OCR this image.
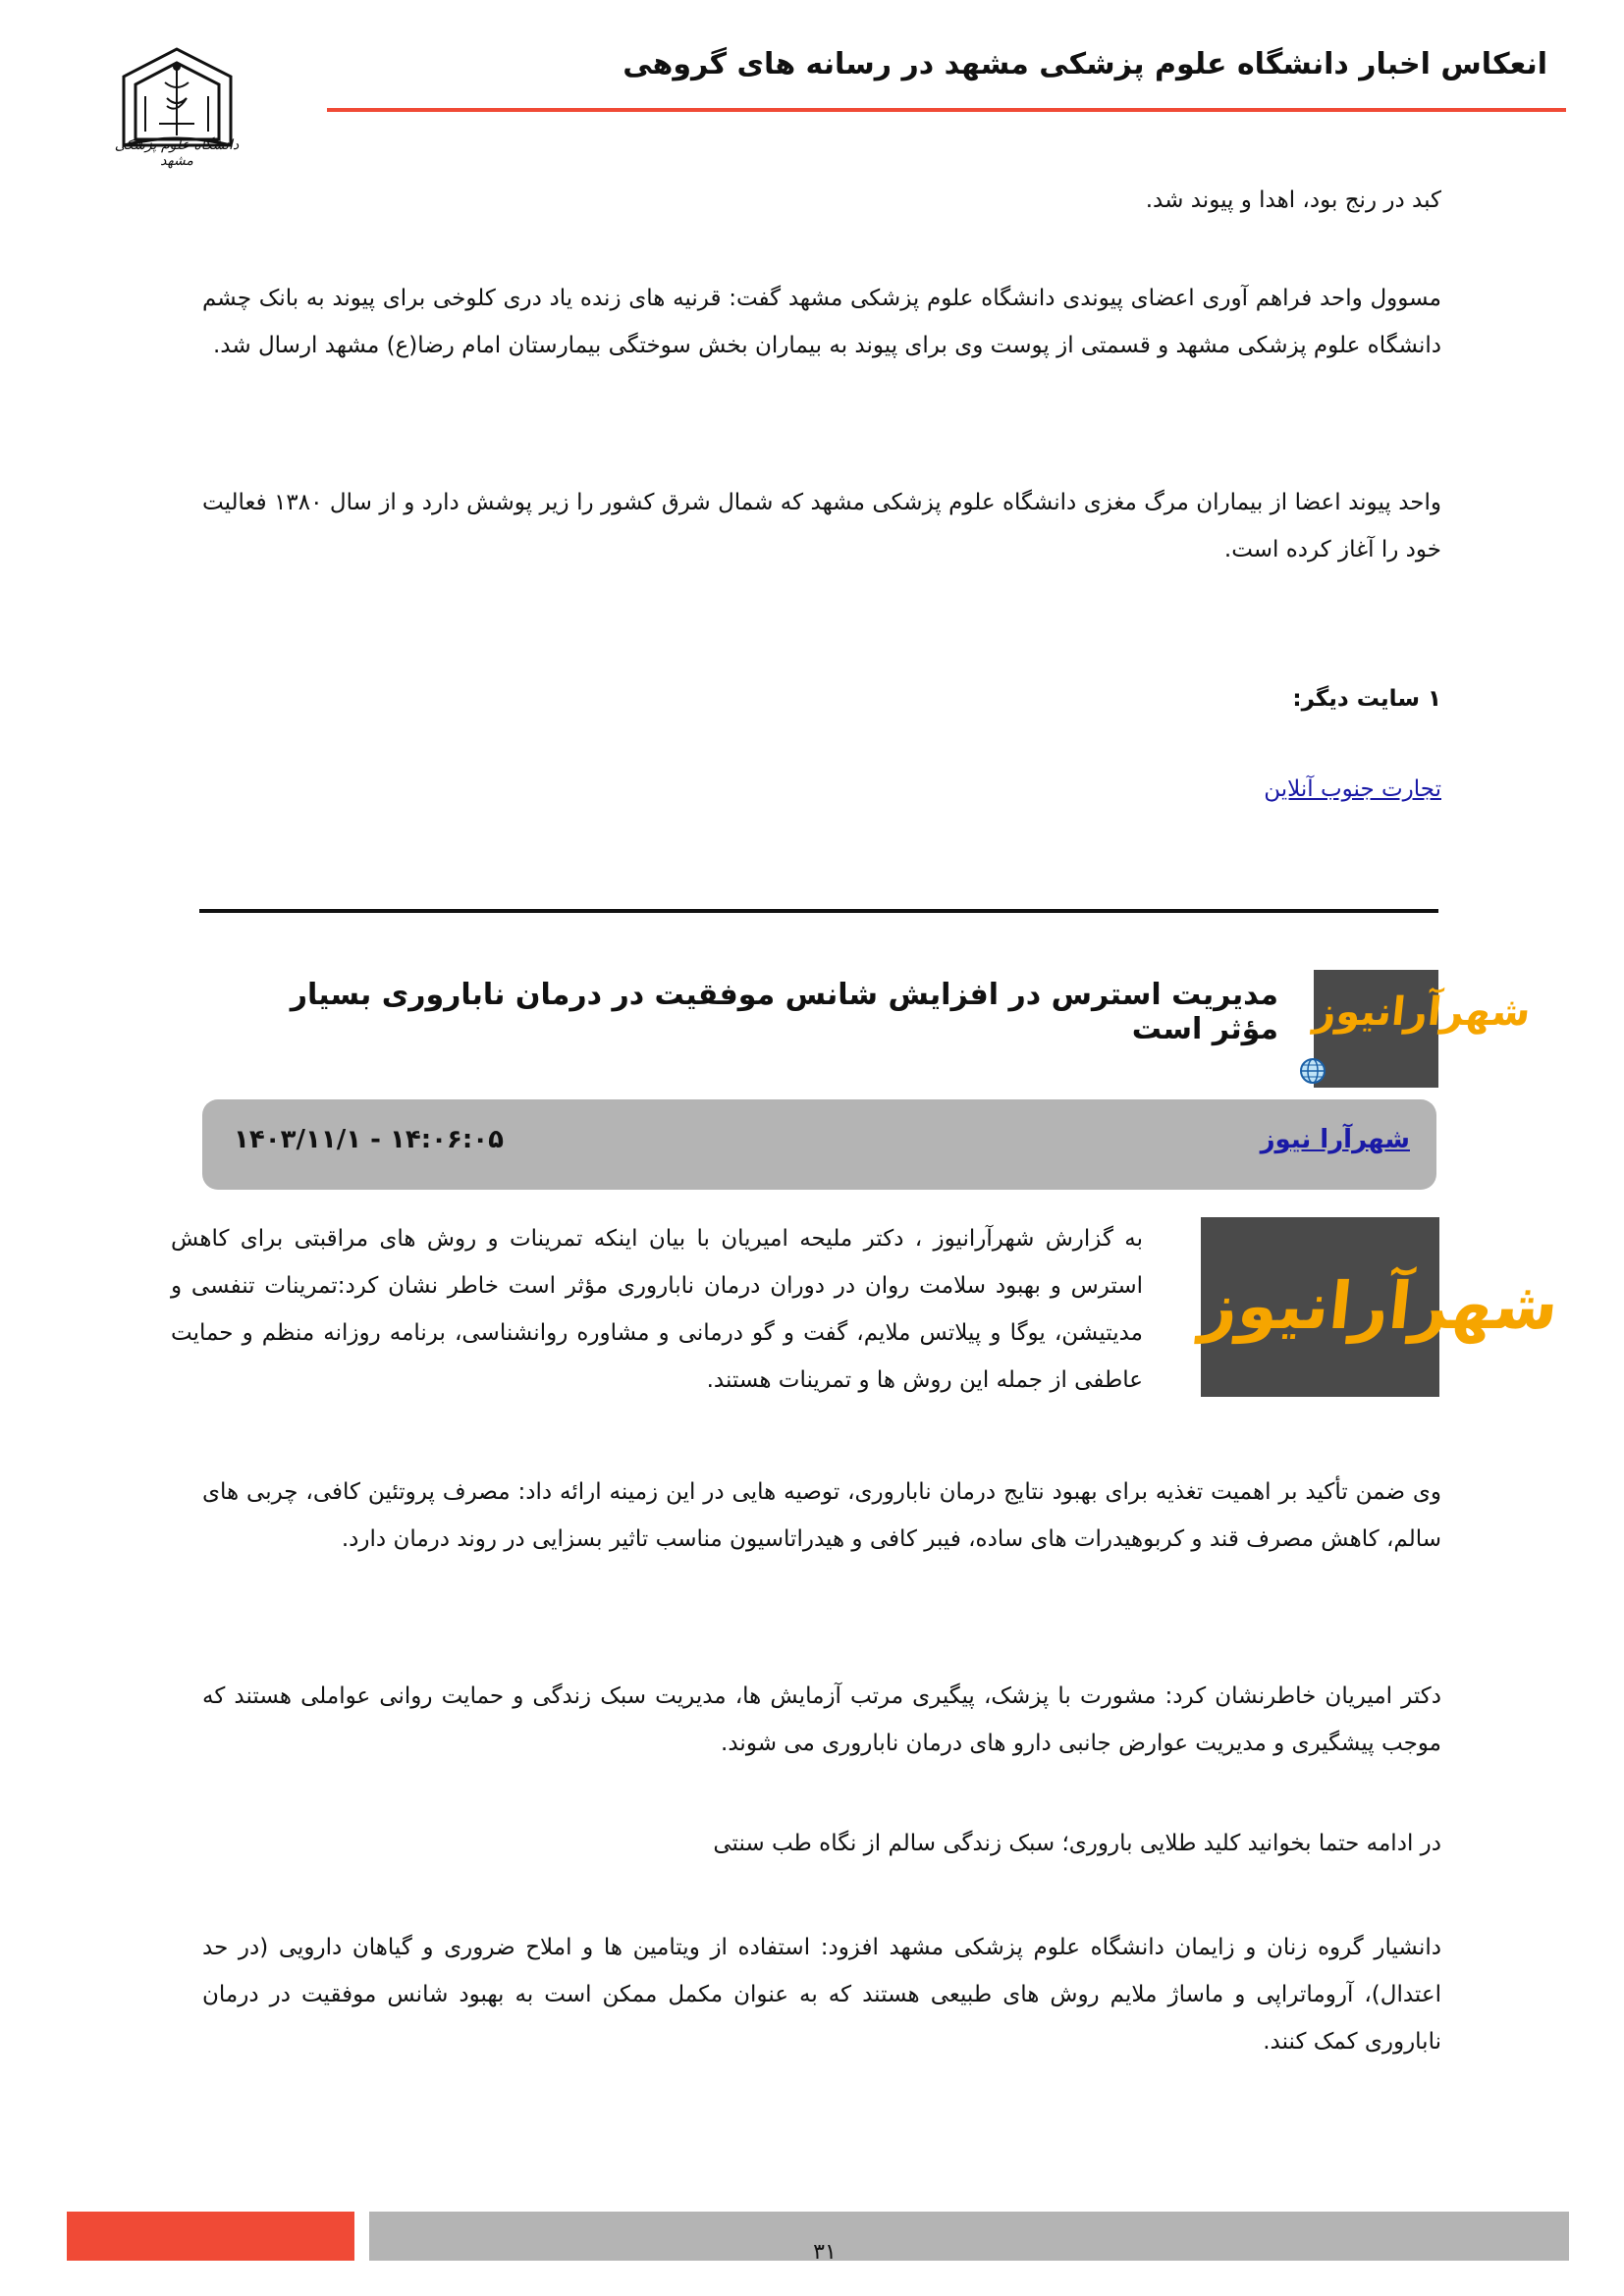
انعکاس اخبار دانشگاه علوم پزشکی مشهد در رسانه های گروهی
دانشگاه علوم پزشکی مشهد

کبد در رنج بود، اهدا و پیوند شد.

مسوول واحد فراهم آوری اعضای پیوندی دانشگاه علوم پزشکی مشهد گفت: قرنیه های زنده یاد دری کلوخی برای پیوند به بانک چشم دانشگاه علوم پزشکی مشهد و قسمتی از پوست وی برای پیوند به بیماران بخش سوختگی بیمارستان امام رضا(ع) مشهد ارسال شد.

واحد پیوند اعضا از بیماران مرگ مغزی دانشگاه علوم پزشکی مشهد که شمال شرق کشور را زیر پوشش دارد و از سال ۱۳۸۰ فعالیت خود را آغاز کرده است.

۱ سایت دیگر:

تجارت جنوب آنلاین

شهرآرانیوز
مدیریت استرس در افزایش شانس موفقیت در درمان ناباروری بسیار مؤثر است
شهرآرا نیوز
۱۴۰۳/۱۱/۱ - ۱۴:۰۶:۰۵
شهرآرانیوز

به گزارش شهرآرانیوز ، دکتر ملیحه امیریان با بیان اینکه تمرینات و روش های مراقبتی برای کاهش استرس و بهبود سلامت روان در دوران درمان ناباروری مؤثر است خاطر نشان کرد:تمرینات تنفسی و مدیتیشن، یوگا و پیلاتس ملایم، گفت و گو درمانی و مشاوره روانشناسی، برنامه روزانه منظم و حمایت عاطفی از جمله این روش ها و تمرینات هستند.

وی ضمن تأکید بر اهمیت تغذیه برای بهبود نتایج درمان ناباروری، توصیه هایی در این زمینه ارائه داد: مصرف پروتئین کافی، چربی های سالم، کاهش مصرف قند و کربوهیدرات های ساده، فیبر کافی و هیدراتاسیون مناسب تاثیر بسزایی در روند درمان دارد.

دکتر امیریان خاطرنشان کرد: مشورت با پزشک، پیگیری مرتب آزمایش ها، مدیریت سبک زندگی و حمایت روانی عواملی هستند که موجب پیشگیری و مدیریت عوارض جانبی دارو های درمان ناباروری می شوند.

در ادامه حتما بخوانید کلید طلایی باروری؛ سبک زندگی سالم از نگاه طب سنتی

دانشیار گروه زنان و زایمان دانشگاه علوم پزشکی مشهد افزود: استفاده از ویتامین ها و املاح ضروری و گیاهان دارویی (در حد اعتدال)، آروماتراپی و ماساژ ملایم روش های طبیعی هستند که به عنوان مکمل ممکن است به بهبود شانس موفقیت در درمان ناباروری کمک کنند.

۳۱
